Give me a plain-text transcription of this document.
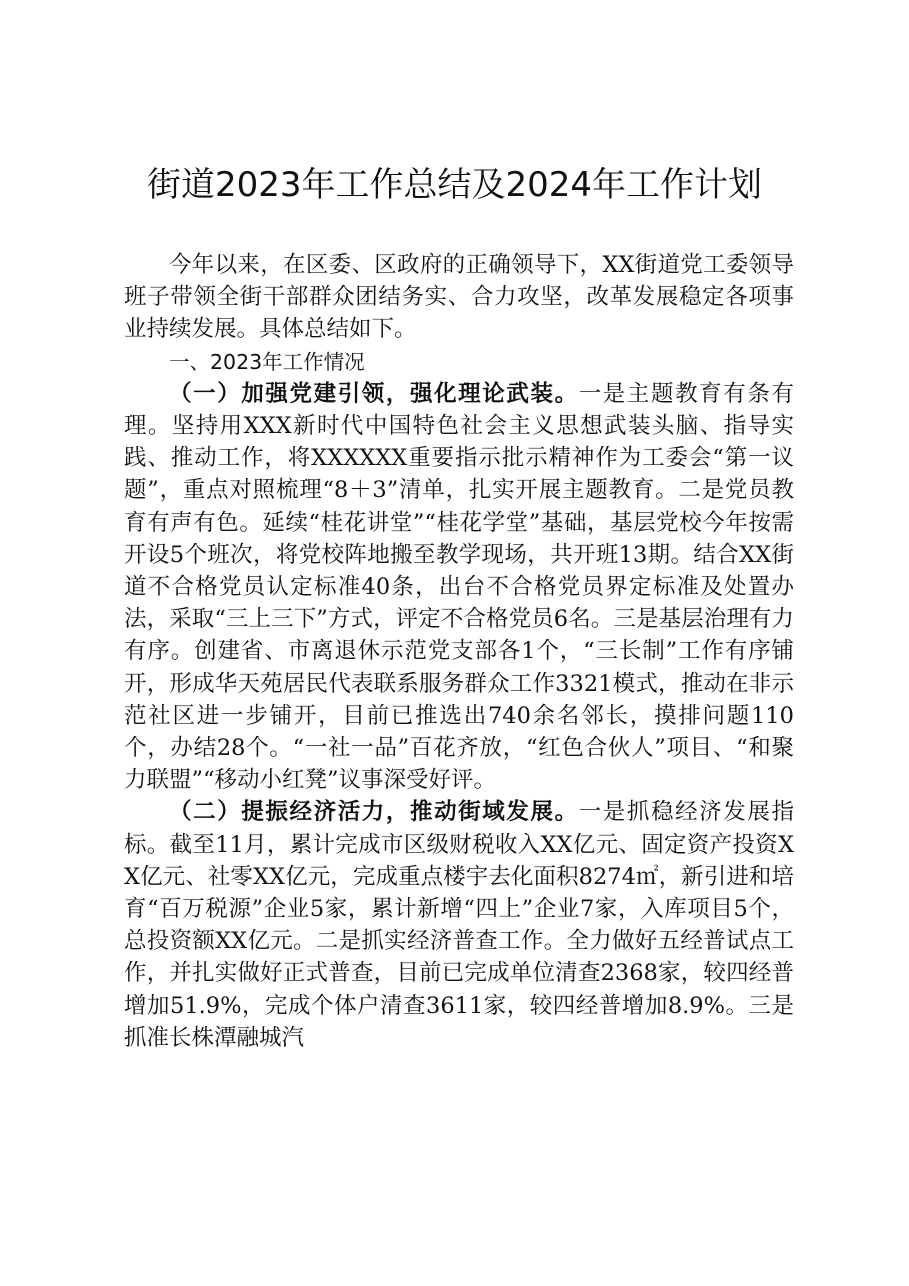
街道2023年工作总结及2024年工作计划

今年以来，在区委、区政府的正确领导下，XX街道党工委领导班子带领全街干部群众团结务实、合力攻坚，改革发展稳定各项事业持续发展。具体总结如下。

一、2023年工作情况

（一）加强党建引领，强化理论武装。一是主题教育有条有理。坚持用XXX新时代中国特色社会主义思想武装头脑、指导实践、推动工作，将XXXXXX重要指示批示精神作为工委会“第一议题”，重点对照梳理“8＋3”清单，扎实开展主题教育。二是党员教育有声有色。延续“桂花讲堂”“桂花学堂”基础，基层党校今年按需开设5个班次，将党校阵地搬至教学现场，共开班13期。结合XX街道不合格党员认定标准40条，出台不合格党员界定标准及处置办法，采取“三上三下”方式，评定不合格党员6名。三是基层治理有力有序。创建省、市离退休示范党支部各1个，“三长制”工作有序铺开，形成华天苑居民代表联系服务群众工作3321模式，推动在非示范社区进一步铺开，目前已推选出740余名邻长，摸排问题110个，办结28个。“一社一品”百花齐放，“红色合伙人”项目、“和聚力联盟”“移动小红凳”议事深受好评。

（二）提振经济活力，推动街域发展。一是抓稳经济发展指标。截至11月，累计完成市区级财税收入XX亿元、固定资产投资XX亿元、社零XX亿元，完成重点楼宇去化面积8274㎡，新引进和培育“百万税源”企业5家，累计新增“四上”企业7家，入库项目5个，总投资额XX亿元。二是抓实经济普查工作。全力做好五经普试点工作，并扎实做好正式普查，目前已完成单位清查2368家，较四经普增加51.9%，完成个体户清查3611家，较四经普增加8.9%。三是抓准长株潭融城汽
